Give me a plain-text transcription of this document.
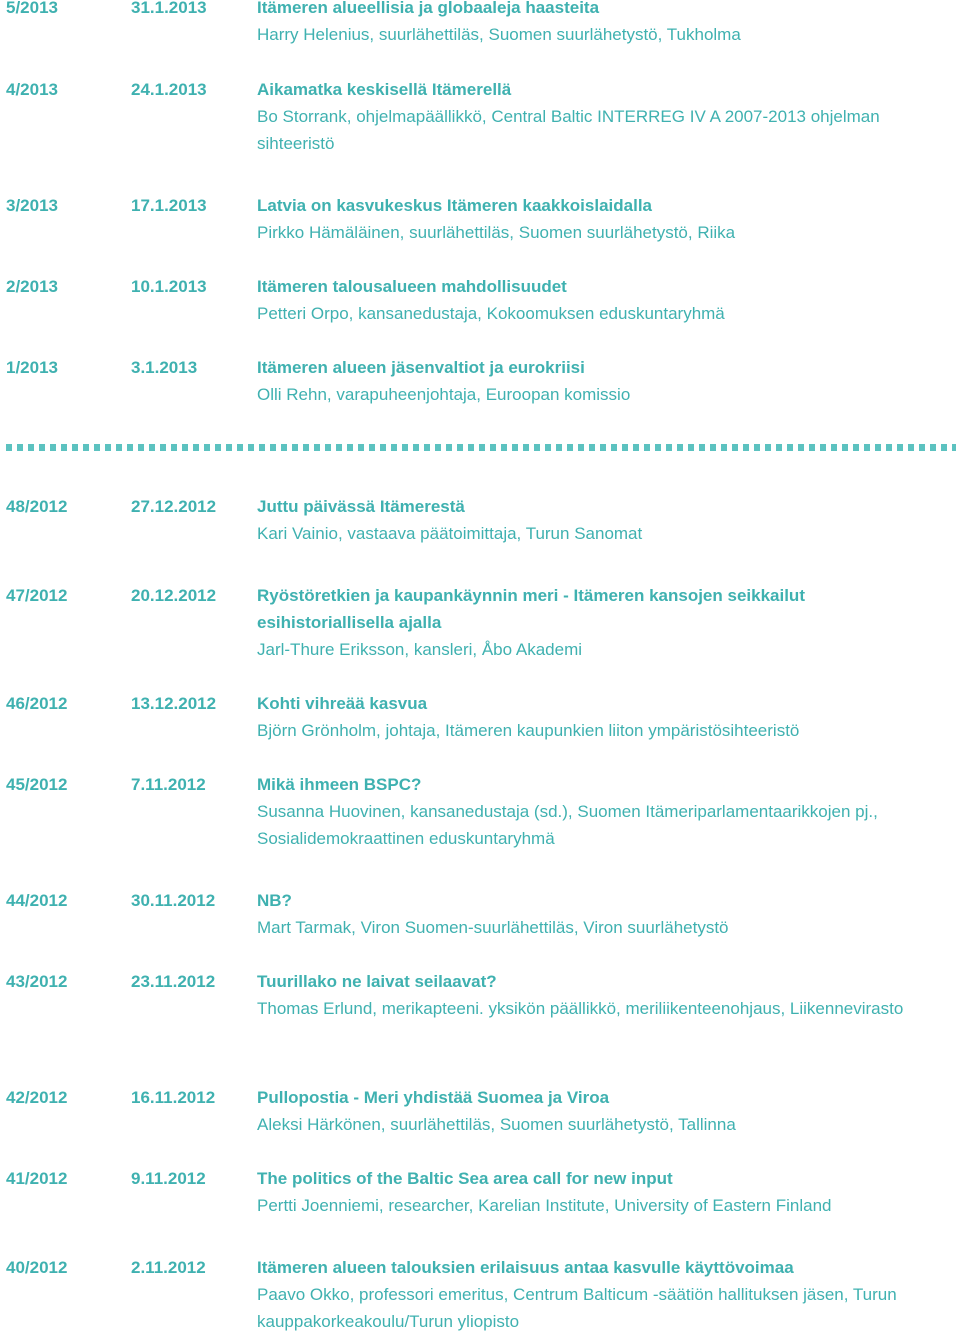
5/2013	31.1.2013	Itämeren alueellisia ja globaaleja haasteita
Harry Helenius, suurlähettiläs, Suomen suurlähetystö, Tukholma
4/2013	24.1.2013	Aikamatka keskisellä Itämerellä
Bo Storrank, ohjelmapäällikkö, Central Baltic INTERREG IV A 2007-2013 ohjelman sihteeristö
3/2013	17.1.2013	Latvia on kasvukeskus Itämeren kaakkoislaidalla
Pirkko Hämäläinen, suurlähettiläs, Suomen suurlähetystö, Riika
2/2013	10.1.2013	Itämeren talousalueen mahdollisuudet
Petteri Orpo, kansanedustaja, Kokoomuksen eduskuntaryhmä
1/2013	3.1.2013	Itämeren alueen jäsenvaltiot ja eurokriisi
Olli Rehn, varapuheenjohtaja, Euroopan komissio
48/2012	27.12.2012 Juttu päivässä Itämerestä
Kari Vainio, vastaava päätoimittaja, Turun Sanomat
47/2012	20.12.2012 Ryöstöretkien ja kaupankäynnin meri - Itämeren kansojen seikkailut esihistoriallisella ajalla
Jarl-Thure Eriksson, kansleri, Åbo Akademi
46/2012	13.12.2012 Kohti vihreää kasvua
Björn Grönholm, johtaja, Itämeren kaupunkien liiton ympäristösihteeristö
45/2012	7.11.2012	Mikä ihmeen BSPC?
Susanna Huovinen, kansanedustaja (sd.), Suomen Itämeriparlamentaarikkojen pj., Sosialidemokraattinen eduskuntaryhmä
44/2012	30.11.2012 NB?
Mart Tarmak, Viron Suomen-suurlähettiläs, Viron suurlähetystö
43/2012	23.11.2012 Tuurillako ne laivat seilaavat?
Thomas Erlund, merikapteeni. yksikön päällikkö, meriliikenteenohjaus, Liikennevirasto
42/2012	16.11.2012 Pullopostia - Meri yhdistää Suomea ja Viroa
Aleksi Härkönen, suurlähettiläs, Suomen suurlähetystö, Tallinna
41/2012	9.11.2012	The politics of the Baltic Sea area call for new input
Pertti Joenniemi, researcher, Karelian Institute, University of Eastern Finland
40/2012	2.11.2012	Itämeren alueen talouksien erilaisuus antaa kasvulle käyttövoimaa
Paavo Okko, professori emeritus, Centrum Balticum -säätiön hallituksen jäsen, Turun kauppakorkeakoulu/Turun yliopisto
